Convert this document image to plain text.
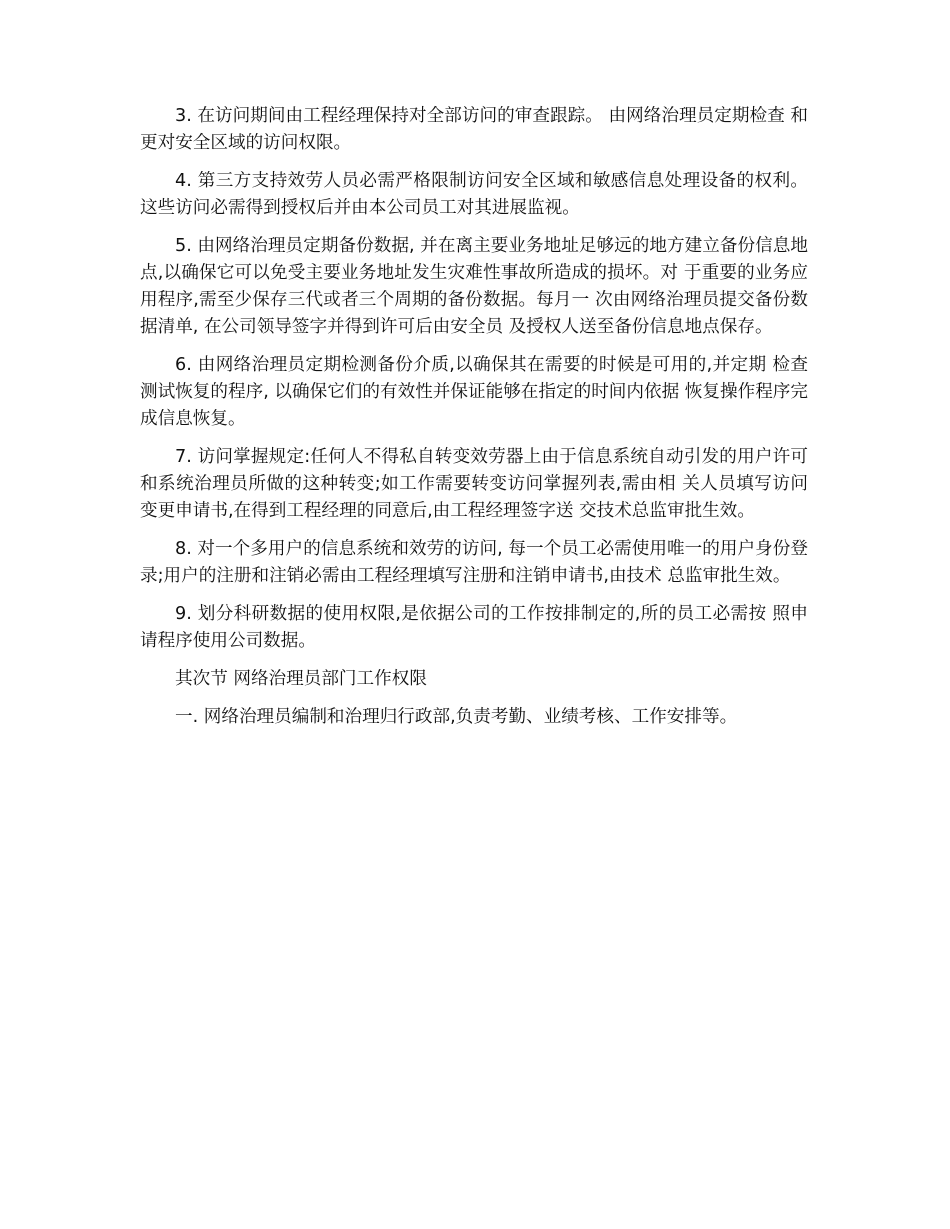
3. 在访问期间由工程经理保持对全部访问的审查跟踪。 由网络治理员定期检查 和更对安全区域的访问权限。

4. 第三方支持效劳人员必需严格限制访问安全区域和敏感信息处理设备的权利。这些访问必需得到授权后并由本公司员工对其进展监视。

5. 由网络治理员定期备份数据, 并在离主要业务地址足够远的地方建立备份信息地点,以确保它可以免受主要业务地址发生灾难性事故所造成的损坏。对 于重要的业务应用程序,需至少保存三代或者三个周期的备份数据。每月一 次由网络治理员提交备份数据清单, 在公司领导签字并得到许可后由安全员 及授权人送至备份信息地点保存。

6. 由网络治理员定期检测备份介质,以确保其在需要的时候是可用的,并定期 检查测试恢复的程序, 以确保它们的有效性并保证能够在指定的时间内依据 恢复操作程序完成信息恢复。

7. 访问掌握规定:任何人不得私自转变效劳器上由于信息系统自动引发的用户许可和系统治理员所做的这种转变;如工作需要转变访问掌握列表,需由相 关人员填写访问变更申请书,在得到工程经理的同意后,由工程经理签字送 交技术总监审批生效。

8. 对一个多用户的信息系统和效劳的访问, 每一个员工必需使用唯一的用户身份登录;用户的注册和注销必需由工程经理填写注册和注销申请书,由技术 总监审批生效。

9. 划分科研数据的使用权限,是依据公司的工作按排制定的,所的员工必需按 照申请程序使用公司数据。

其次节 网络治理员部门工作权限

一. 网络治理员编制和治理归行政部,负责考勤、业绩考核、工作安排等。
